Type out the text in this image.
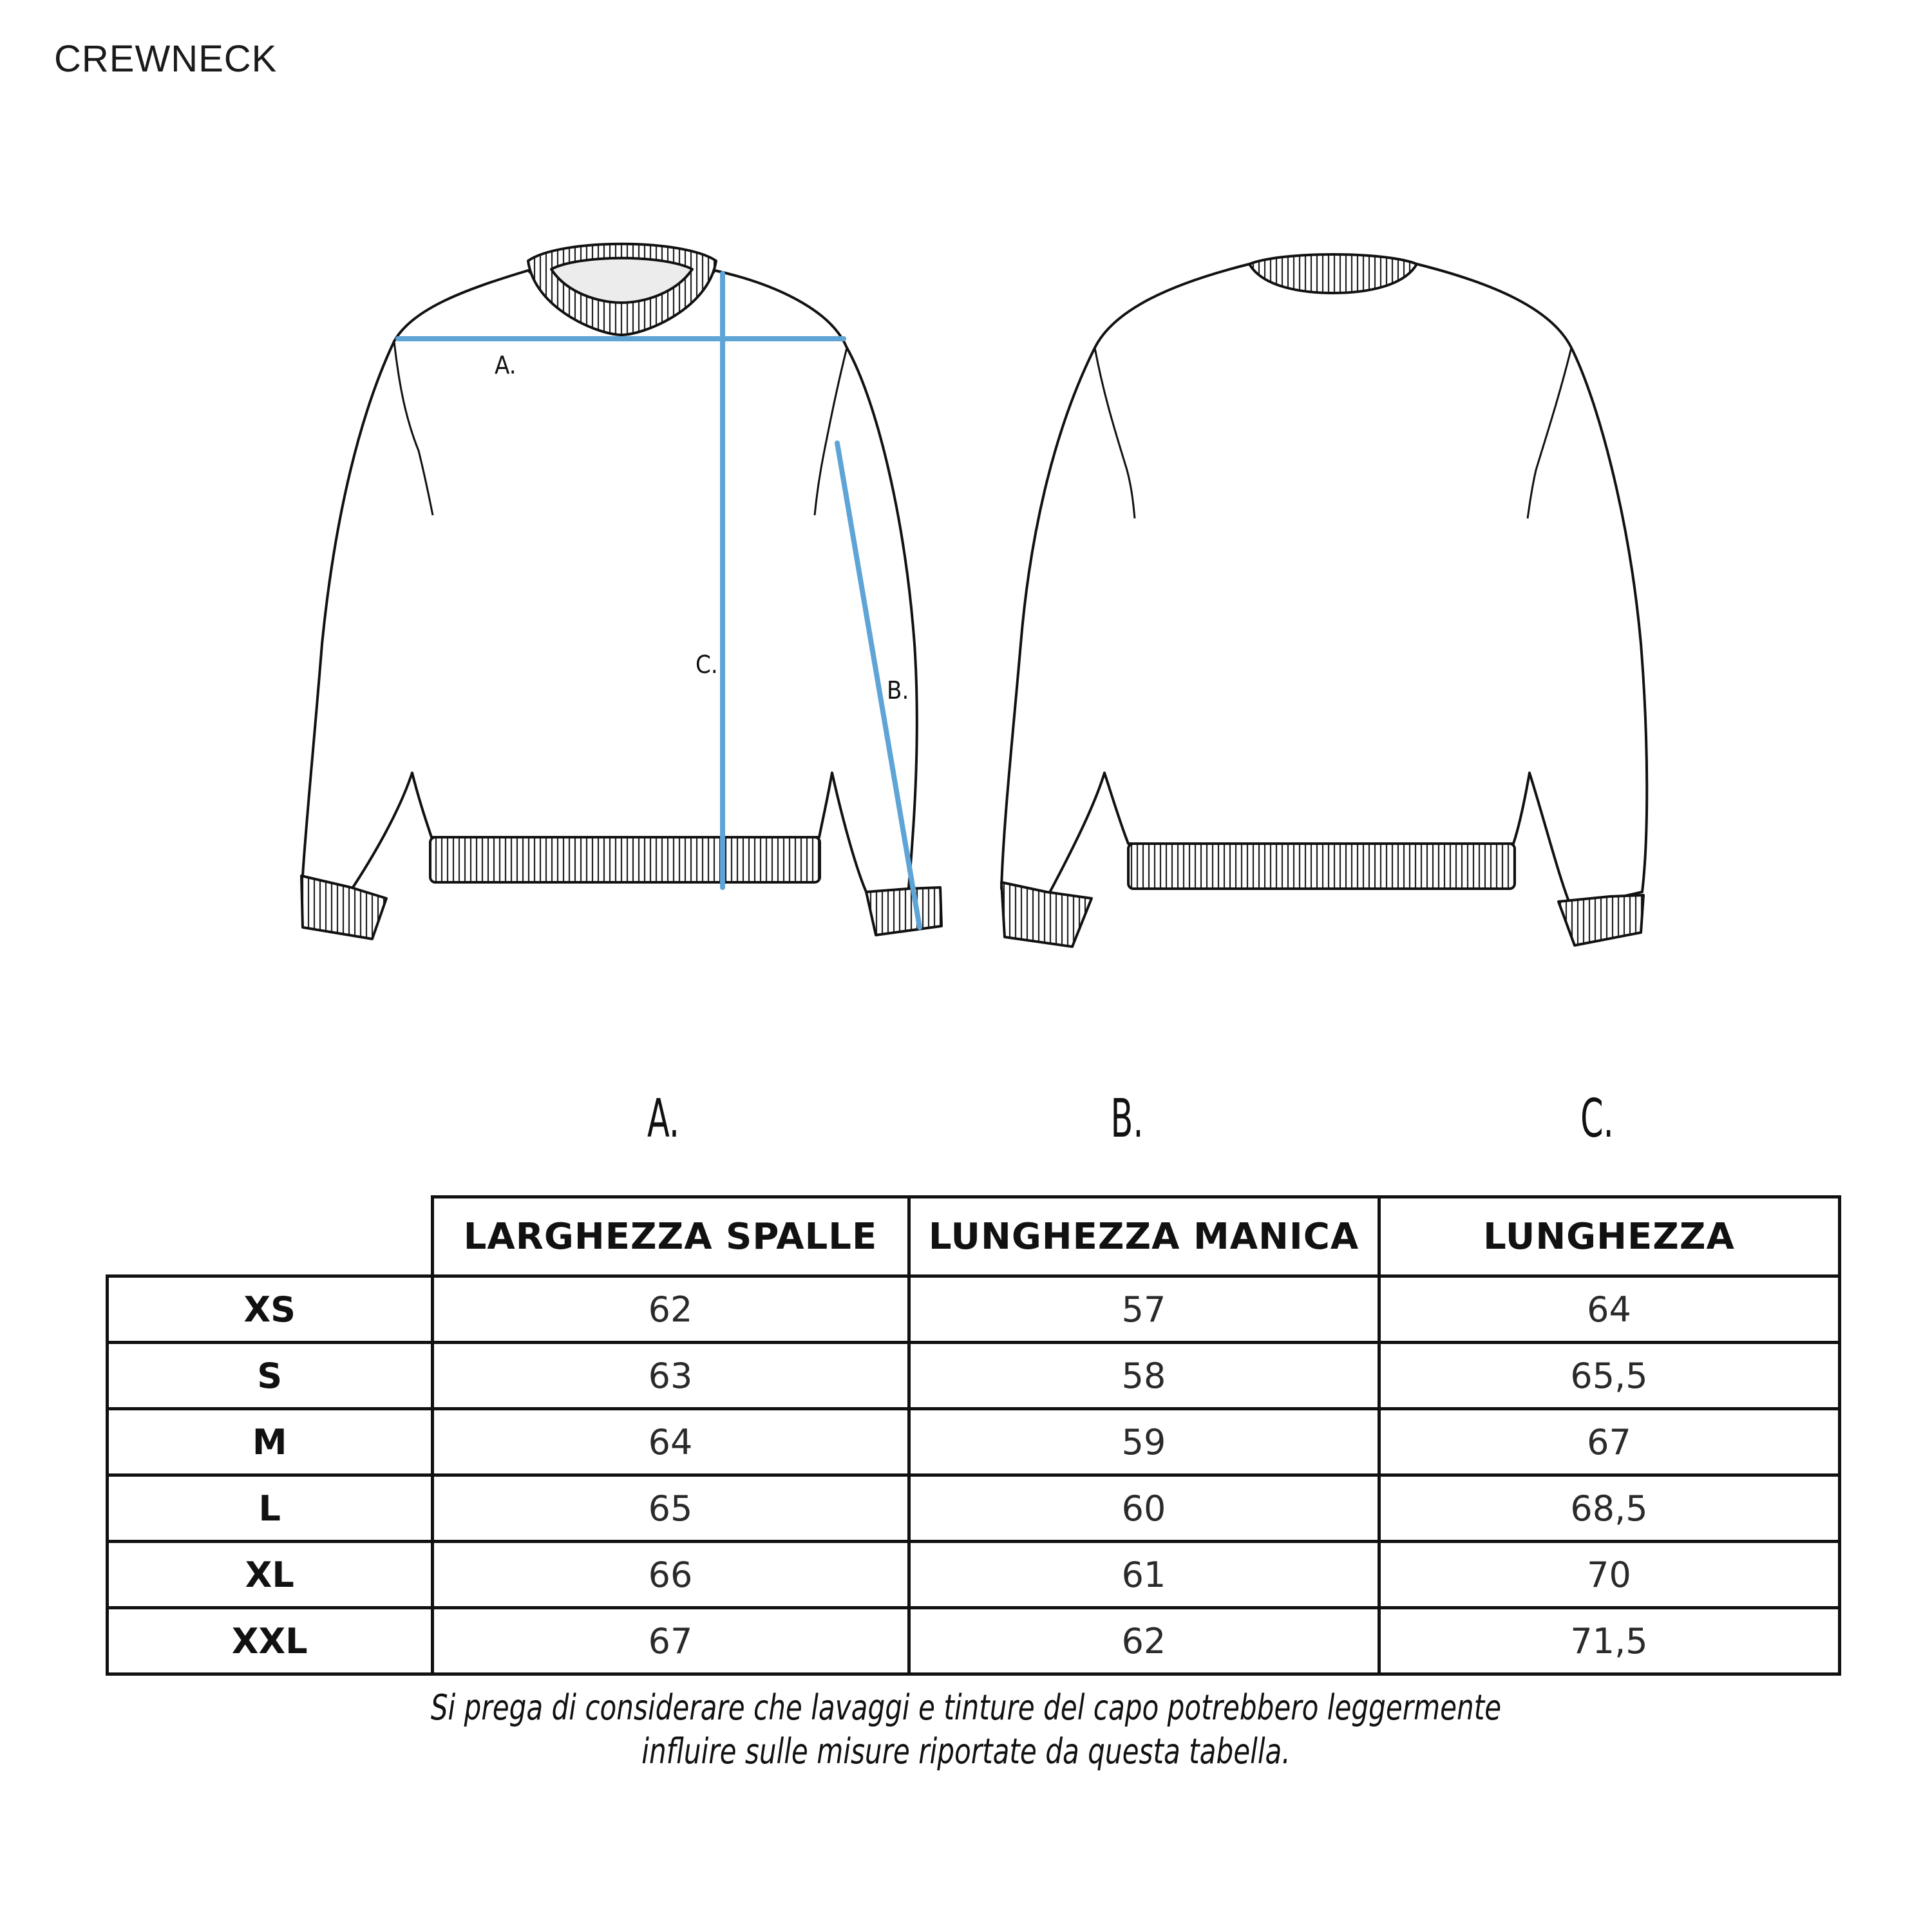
CREWNECK
A.
C.
B.
A.	B.	C.
	LARGHEZZA SPALLE	LUNGHEZZA MANICA	LUNGHEZZA
XS	62	57	64
S	63	58	65,5
M	64	59	67
L	65	60	68,5
XL	66	61	70
XXL	67	62	71,5
Si prega di considerare che lavaggi e tinture del capo potrebbero leggermente
influire sulle misure riportate da questa tabella.
